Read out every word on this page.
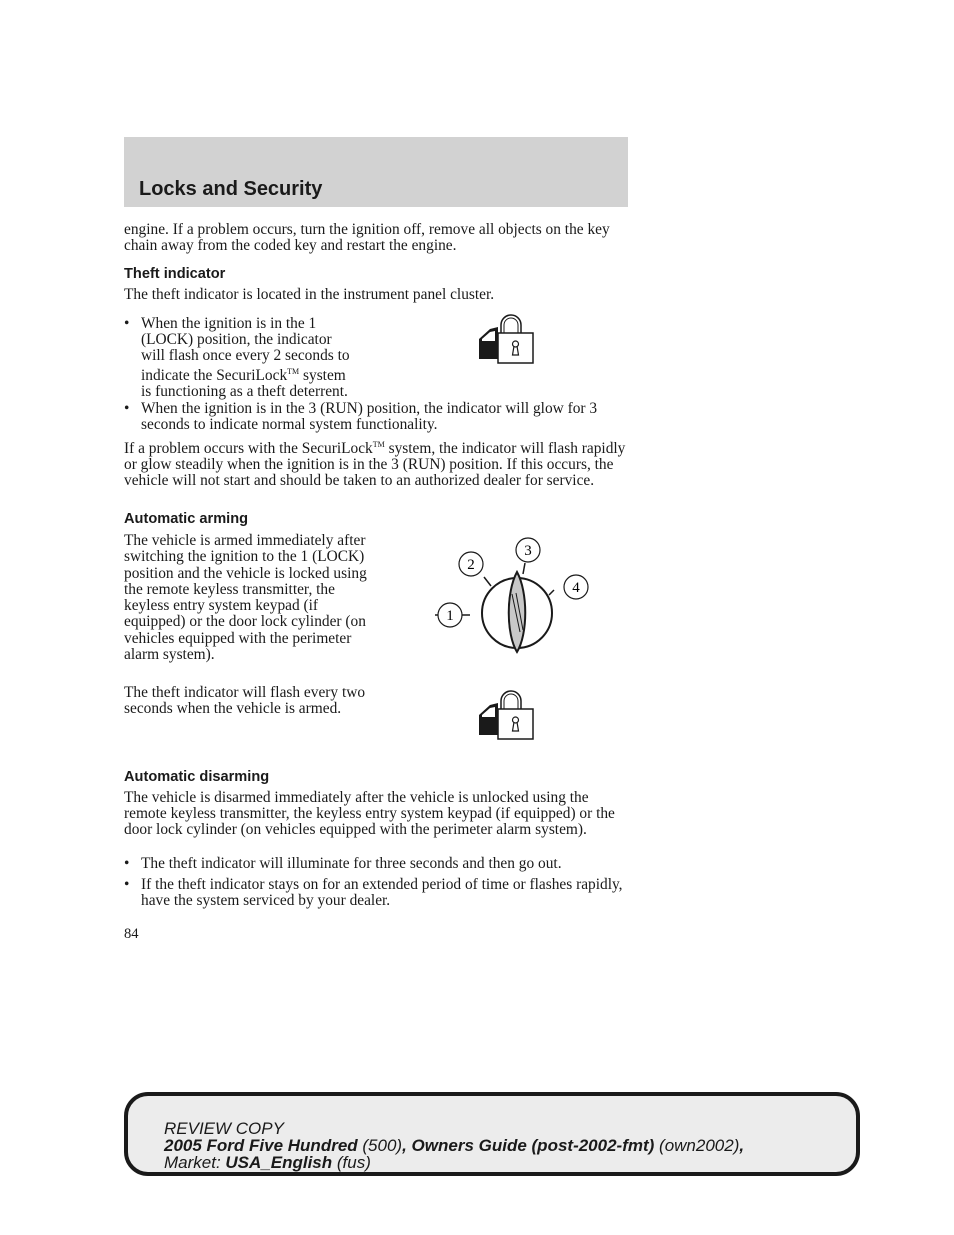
Locks and Security

engine. If a problem occurs, turn the ignition off, remove all objects on the key chain away from the coded key and restart the engine.

Theft indicator

The theft indicator is located in the instrument panel cluster.

• When the ignition is in the 1
(LOCK) position, the indicator
will flash once every 2 seconds to
indicate the SecuriLock™ system
is functioning as a theft deterrent.
• When the ignition is in the 3 (RUN) position, the indicator will glow for 3 seconds to indicate normal system functionality.

If a problem occurs with the SecuriLock™ system, the indicator will flash rapidly or glow steadily when the ignition is in the 3 (RUN) position. If this occurs, the vehicle will not start and should be taken to an authorized dealer for service.

Automatic arming

The vehicle is armed immediately after switching the ignition to the 1 (LOCK) position and the vehicle is locked using the remote keyless transmitter, the keyless entry system keypad (if equipped) or the door lock cylinder (on vehicles equipped with the perimeter alarm system).

The theft indicator will flash every two seconds when the vehicle is armed.

1
2
3
4
Automatic disarming

The vehicle is disarmed immediately after the vehicle is unlocked using the remote keyless transmitter, the keyless entry system keypad (if equipped) or the door lock cylinder (on vehicles equipped with the perimeter alarm system).

• The theft indicator will illuminate for three seconds and then go out.
• If the theft indicator stays on for an extended period of time or flashes rapidly, have the system serviced by your dealer.
84
REVIEW COPY
2005 Ford Five Hundred (500), Owners Guide (post-2002-fmt) (own2002),
Market: USA_English (fus)
